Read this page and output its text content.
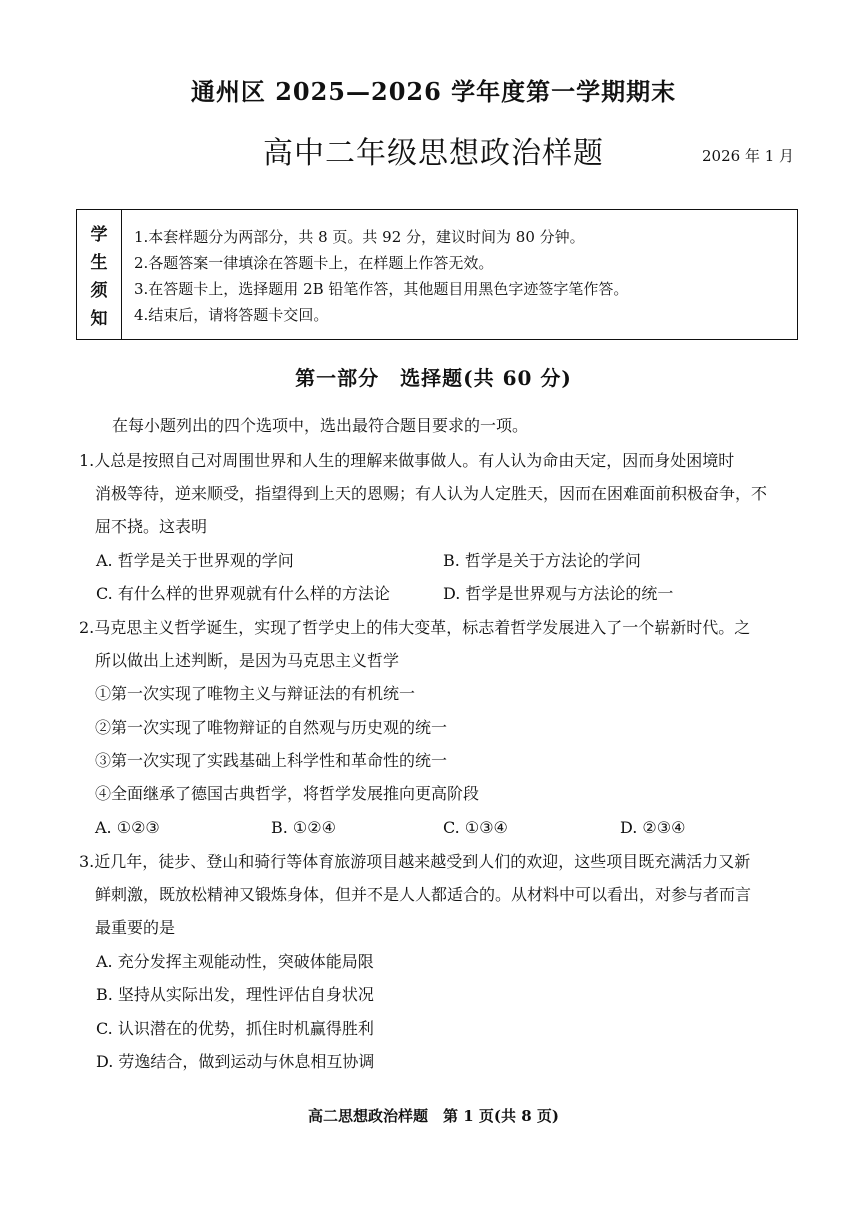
通州区 2025—2026 学年度第一学期期末
高中二年级思想政治样题	2026 年 1 月
学
生
须
知
1.本套样题分为两部分，共 8 页。共 92 分，建议时间为 80 分钟。
2.各题答案一律填涂在答题卡上，在样题上作答无效。
3.在答题卡上，选择题用 2B 铅笔作答，其他题目用黑色字迹签字笔作答。
4.结束后，请将答题卡交回。
第一部分　选择题(共 60 分)
在每小题列出的四个选项中，选出最符合题目要求的一项。
1.人总是按照自己对周围世界和人生的理解来做事做人。有人认为命由天定，因而身处困境时
消极等待，逆来顺受，指望得到上天的恩赐；有人认为人定胜天，因而在困难面前积极奋争，不
屈不挠。这表明
A. 哲学是关于世界观的学问	B. 哲学是关于方法论的学问
C. 有什么样的世界观就有什么样的方法论	D. 哲学是世界观与方法论的统一
2.马克思主义哲学诞生，实现了哲学史上的伟大变革，标志着哲学发展进入了一个崭新时代。之
所以做出上述判断，是因为马克思主义哲学
①第一次实现了唯物主义与辩证法的有机统一
②第一次实现了唯物辩证的自然观与历史观的统一
③第一次实现了实践基础上科学性和革命性的统一
④全面继承了德国古典哲学，将哲学发展推向更高阶段
A. ①②③	B. ①②④	C. ①③④	D. ②③④
3.近几年，徒步、登山和骑行等体育旅游项目越来越受到人们的欢迎，这些项目既充满活力又新
鲜刺激，既放松精神又锻炼身体，但并不是人人都适合的。从材料中可以看出，对参与者而言
最重要的是
A. 充分发挥主观能动性，突破体能局限
B. 坚持从实际出发，理性评估自身状况
C. 认识潜在的优势，抓住时机赢得胜利
D. 劳逸结合，做到运动与休息相互协调
高二思想政治样题　第 1 页(共 8 页)
